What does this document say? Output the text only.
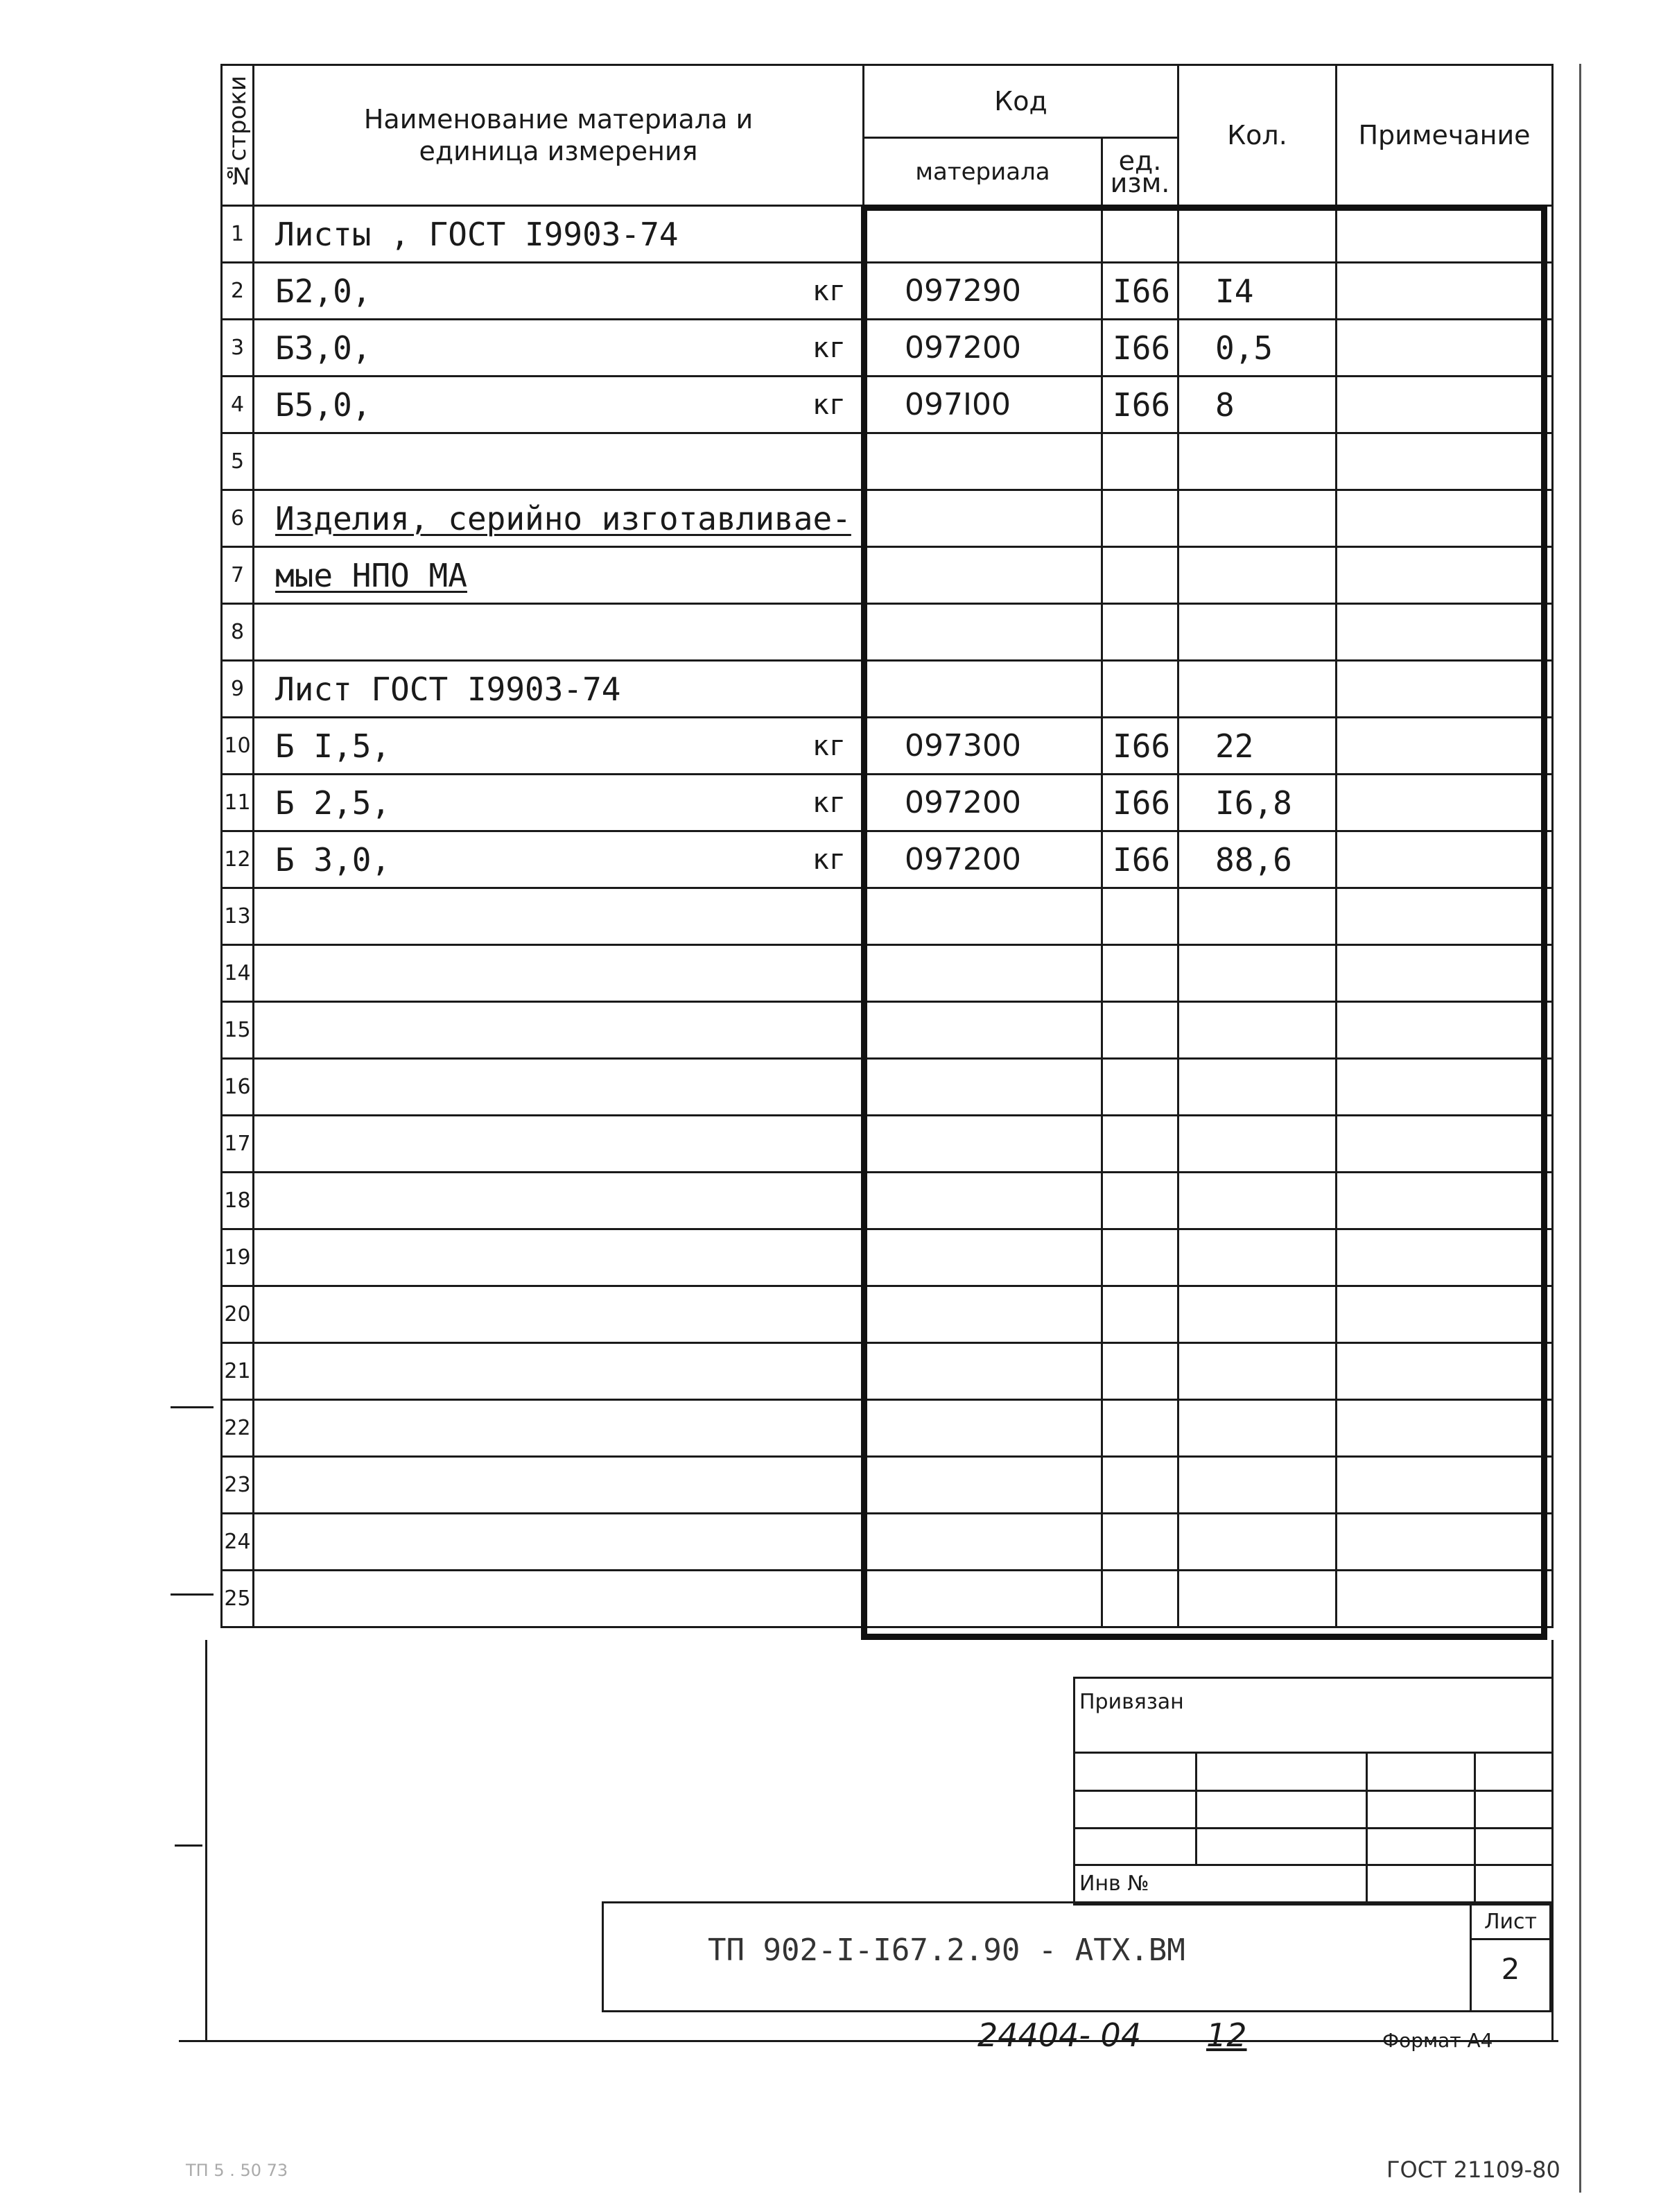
№строки	Наименование материала и
единица измерения	Код		Кол.	Примечание
		материала	ед.
изм.		

1	Листы , ГОСТ I9903-74

2	Б2,0, кг	097290	I66	I4	
3	Б3,0, кг	097200	I66	0,5	
4	Б5,0, кг	097I00	I66	8	
5	

6	Изделия, серийно изготавливае-

7	мые НПО МА

8	

9	Лист ГОСТ I9903-74

10	Б I,5, кг	097300	I66	22	
11	Б 2,5, кг	097200	I66	I6,8	
12	Б 3,0, кг	097200	I66	88,6	
13	

14	

15	

16	

17	

18	

19	

20	

21	

22	

23	

24	

25	

Привязан			

Инв №			

ТП 902-I-I67.2.90 - АТХ.ВМ
Лист
2
24404- 04 12	Формат А4
ГОСТ 21109-80
ТП 5 . 50 73
